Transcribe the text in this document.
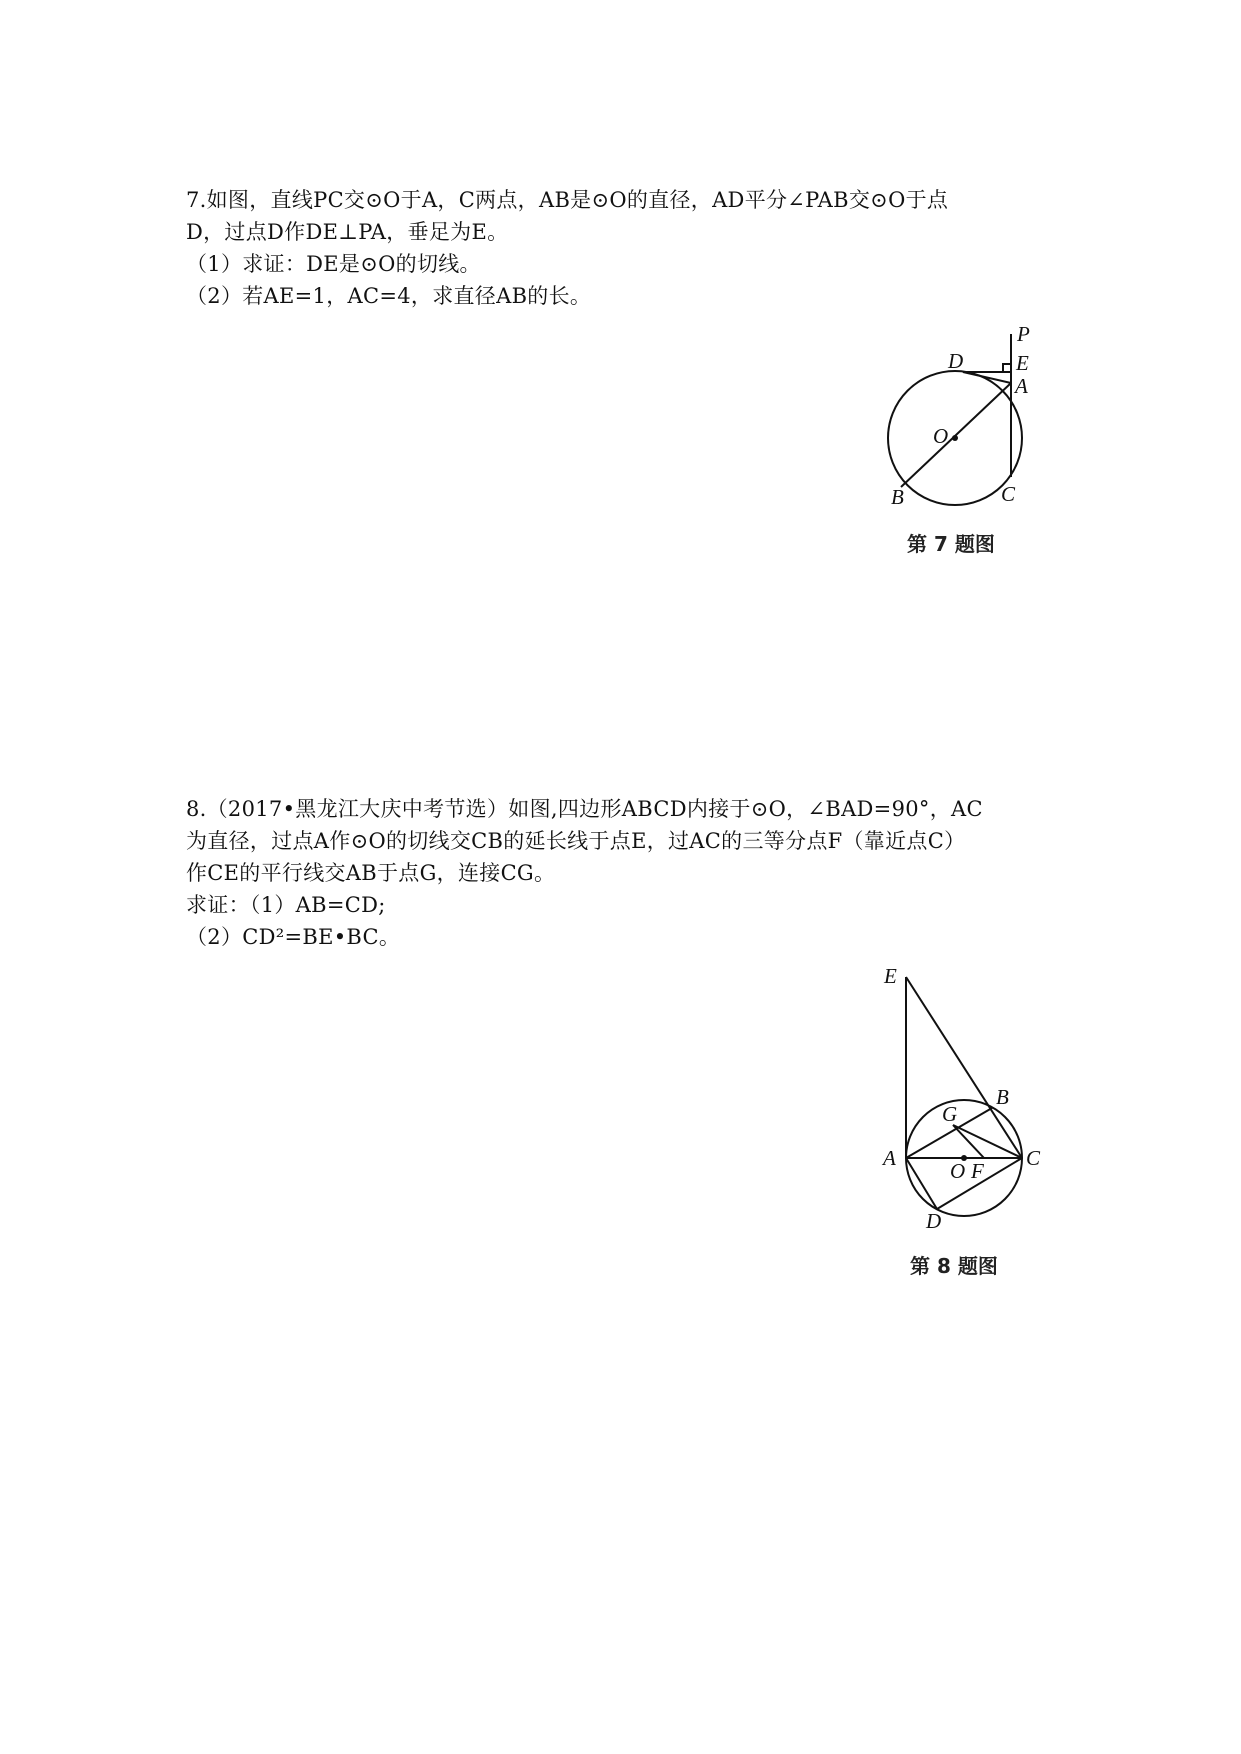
7.如图，直线PC交⊙O于A，C两点，AB是⊙O的直径，AD平分∠PAB交⊙O于点
D，过点D作DE⊥PA，垂足为E。
（1）求证：DE是⊙O的切线。
（2）若AE=1，AC=4，求直径AB的长。
P
E
D
A
O
B	C
第 7 题图
8.（2017•黑龙江大庆中考节选）如图,四边形ABCD内接于⊙O，∠BAD=90°，AC
为直径，过点A作⊙O的切线交CB的延长线于点E，过AC的三等分点F（靠近点C）
作CE的平行线交AB于点G，连接CG。
求证：（1）AB=CD;
（2）CD²=BE•BC。
E
B
G
A
O F
C
D
第 8 题图
